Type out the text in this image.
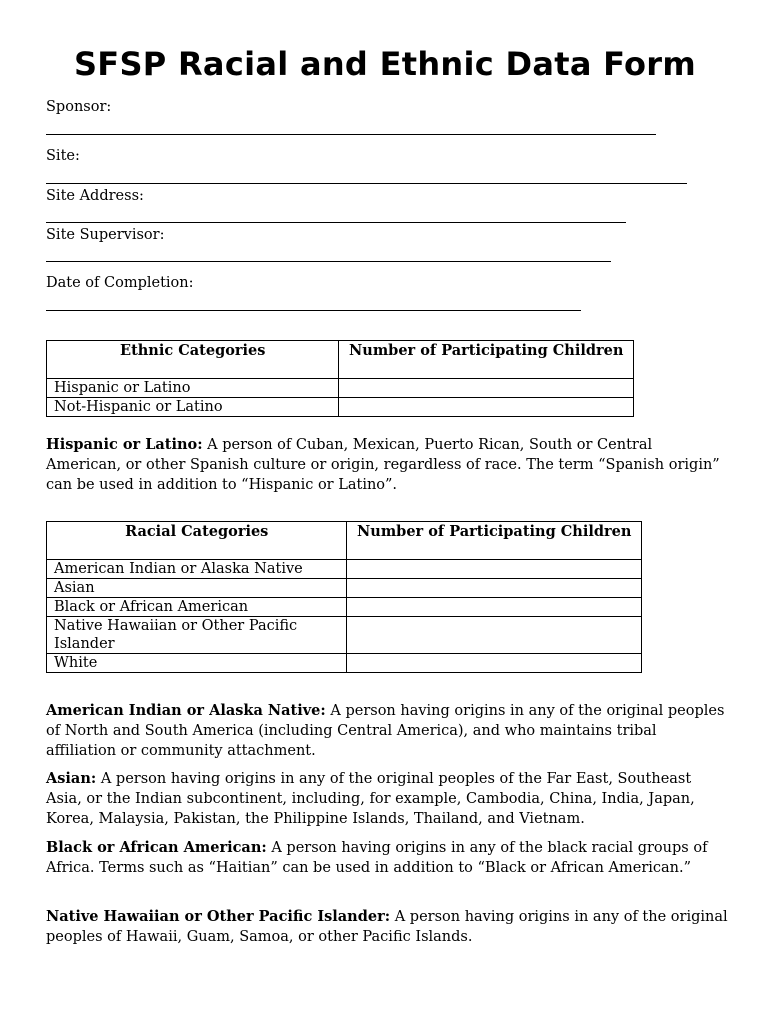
SFSP Racial and Ethnic Data Form

Sponsor:

Site:

Site Address:

Site Supervisor:

Date of Completion:

Ethnic Categories	Number of Participating Children
Hispanic or Latino	
Not-Hispanic or Latino	

Hispanic or Latino: A person of Cuban, Mexican, Puerto Rican, South or Central American, or other Spanish culture or origin, regardless of race. The term “Spanish origin” can be used in addition to “Hispanic or Latino”.

Racial Categories	Number of Participating Children
American Indian or Alaska Native	
Asian	
Black or African American	
Native Hawaiian or Other Pacific Islander	
White	

American Indian or Alaska Native: A person having origins in any of the original peoples of North and South America (including Central America), and who maintains tribal affiliation or community attachment.

Asian: A person having origins in any of the original peoples of the Far East, Southeast Asia, or the Indian subcontinent, including, for example, Cambodia, China, India, Japan, Korea, Malaysia, Pakistan, the Philippine Islands, Thailand, and Vietnam.

Black or African American: A person having origins in any of the black racial groups of Africa. Terms such as “Haitian” can be used in addition to “Black or African American.”

Native Hawaiian or Other Pacific Islander: A person having origins in any of the original peoples of Hawaii, Guam, Samoa, or other Pacific Islands.
